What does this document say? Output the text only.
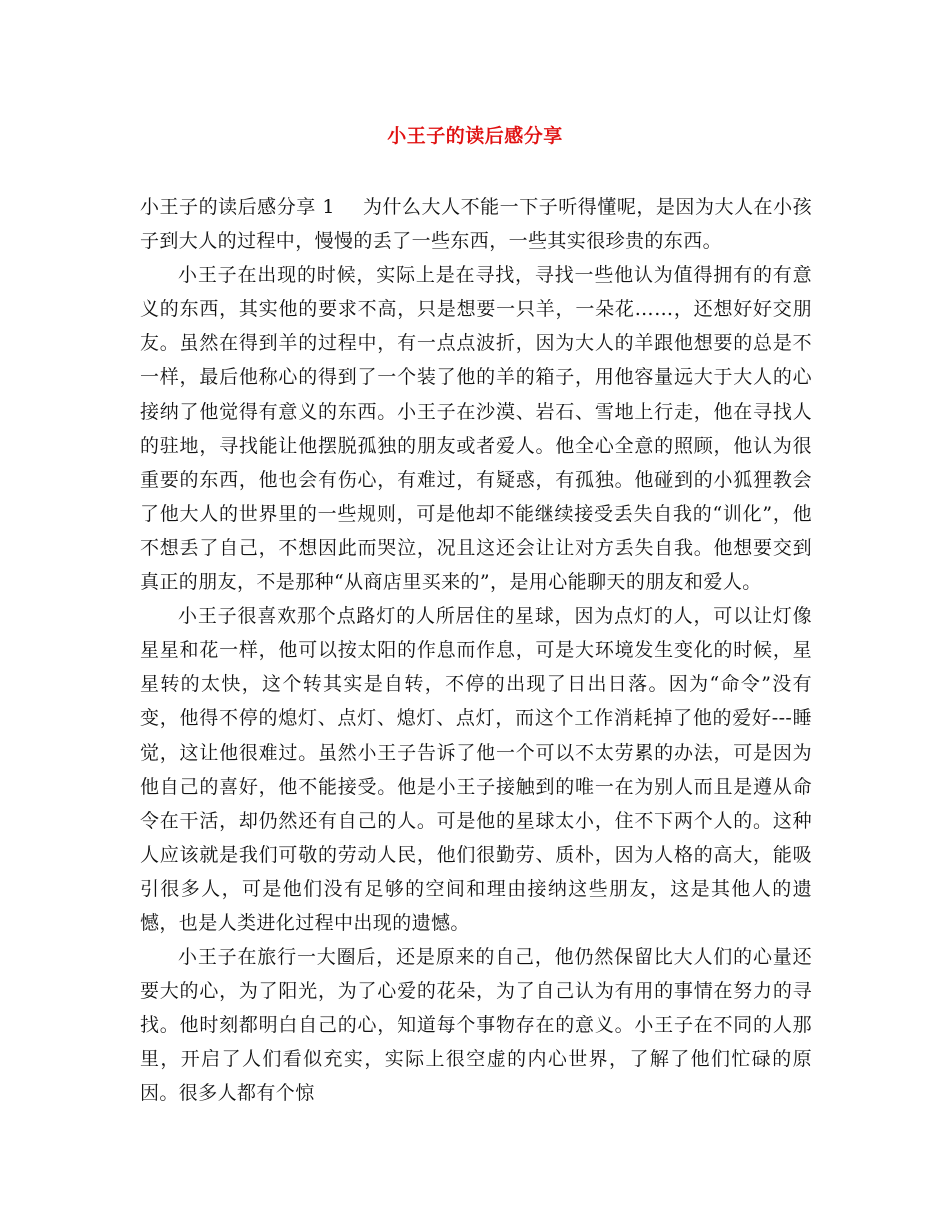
小王子的读后感分享

小王子的读后感分享 1 为什么大人不能一下子听得懂呢，是因为大人在小孩子到大人的过程中，慢慢的丢了一些东西，一些其实很珍贵的东西。

小王子在出现的时候，实际上是在寻找，寻找一些他认为值得拥有的有意义的东西，其实他的要求不高，只是想要一只羊，一朵花……，还想好好交朋友。虽然在得到羊的过程中，有一点点波折，因为大人的羊跟他想要的总是不一样，最后他称心的得到了一个装了他的羊的箱子，用他容量远大于大人的心接纳了他觉得有意义的东西。小王子在沙漠、岩石、雪地上行走，他在寻找人的驻地，寻找能让他摆脱孤独的朋友或者爱人。他全心全意的照顾，他认为很重要的东西，他也会有伤心，有难过，有疑惑，有孤独。他碰到的小狐狸教会了他大人的世界里的一些规则，可是他却不能继续接受丢失自我的“训化”，他不想丢了自己，不想因此而哭泣，况且这还会让让对方丢失自我。他想要交到真正的朋友，不是那种“从商店里买来的”，是用心能聊天的朋友和爱人。

小王子很喜欢那个点路灯的人所居住的星球，因为点灯的人，可以让灯像星星和花一样，他可以按太阳的作息而作息，可是大环境发生变化的时候，星星转的太快，这个转其实是自转，不停的出现了日出日落。因为“命令”没有变，他得不停的熄灯、点灯、熄灯、点灯，而这个工作消耗掉了他的爱好---睡觉，这让他很难过。虽然小王子告诉了他一个可以不太劳累的办法，可是因为他自己的喜好，他不能接受。他是小王子接触到的唯一在为别人而且是遵从命令在干活，却仍然还有自己的人。可是他的星球太小，住不下两个人的。这种人应该就是我们可敬的劳动人民，他们很勤劳、质朴，因为人格的高大，能吸引很多人，可是他们没有足够的空间和理由接纳这些朋友，这是其他人的遗憾，也是人类进化过程中出现的遗憾。

小王子在旅行一大圈后，还是原来的自己，他仍然保留比大人们的心量还要大的心，为了阳光，为了心爱的花朵，为了自己认为有用的事情在努力的寻找。他时刻都明白自己的心，知道每个事物存在的意义。小王子在不同的人那里，开启了人们看似充实，实际上很空虚的内心世界，了解了他们忙碌的原因。很多人都有个惊
